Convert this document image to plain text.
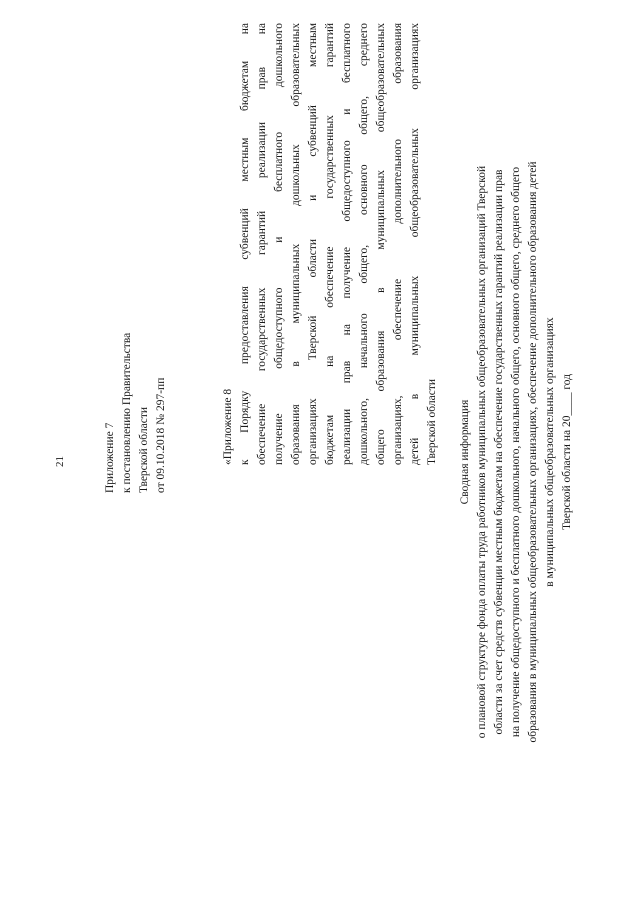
21	Приложение 7 к постановлению Правительства Тверской области от 09.10.2018 № 297-пп	«Приложение 8 к Порядку предоставления субвенций местным бюджетам на обеспечение государственных гарантий реализации прав на получение общедоступного и бесплатного дошкольного образования в муниципальных дошкольных образовательных организациях Тверской области и субвенций местным бюджетам на обеспечение государственных гарантий реализации прав на получение общедоступного и бесплатного дошкольного, начального общего, основного общего, среднего общего образования в муниципальных общеобразовательных организациях, обеспечение дополнительного образования детей в муниципальных общеобразовательных организациях Тверской области Сводная информация о плановой структуре фонда оплаты труда работников муниципальных общеобразовательных организаций Тверской области за счет средств субвенции местным бюджетам на обеспечение государственных гарантий реализации прав на получение общедоступного и бесплатного дошкольного, начального общего, основного общего, среднего общего образования в муниципальных общеобразовательных организациях, обеспечение дополнительного образования детей в муниципальных общеобразовательных организациях Тверской области на 20____ год
